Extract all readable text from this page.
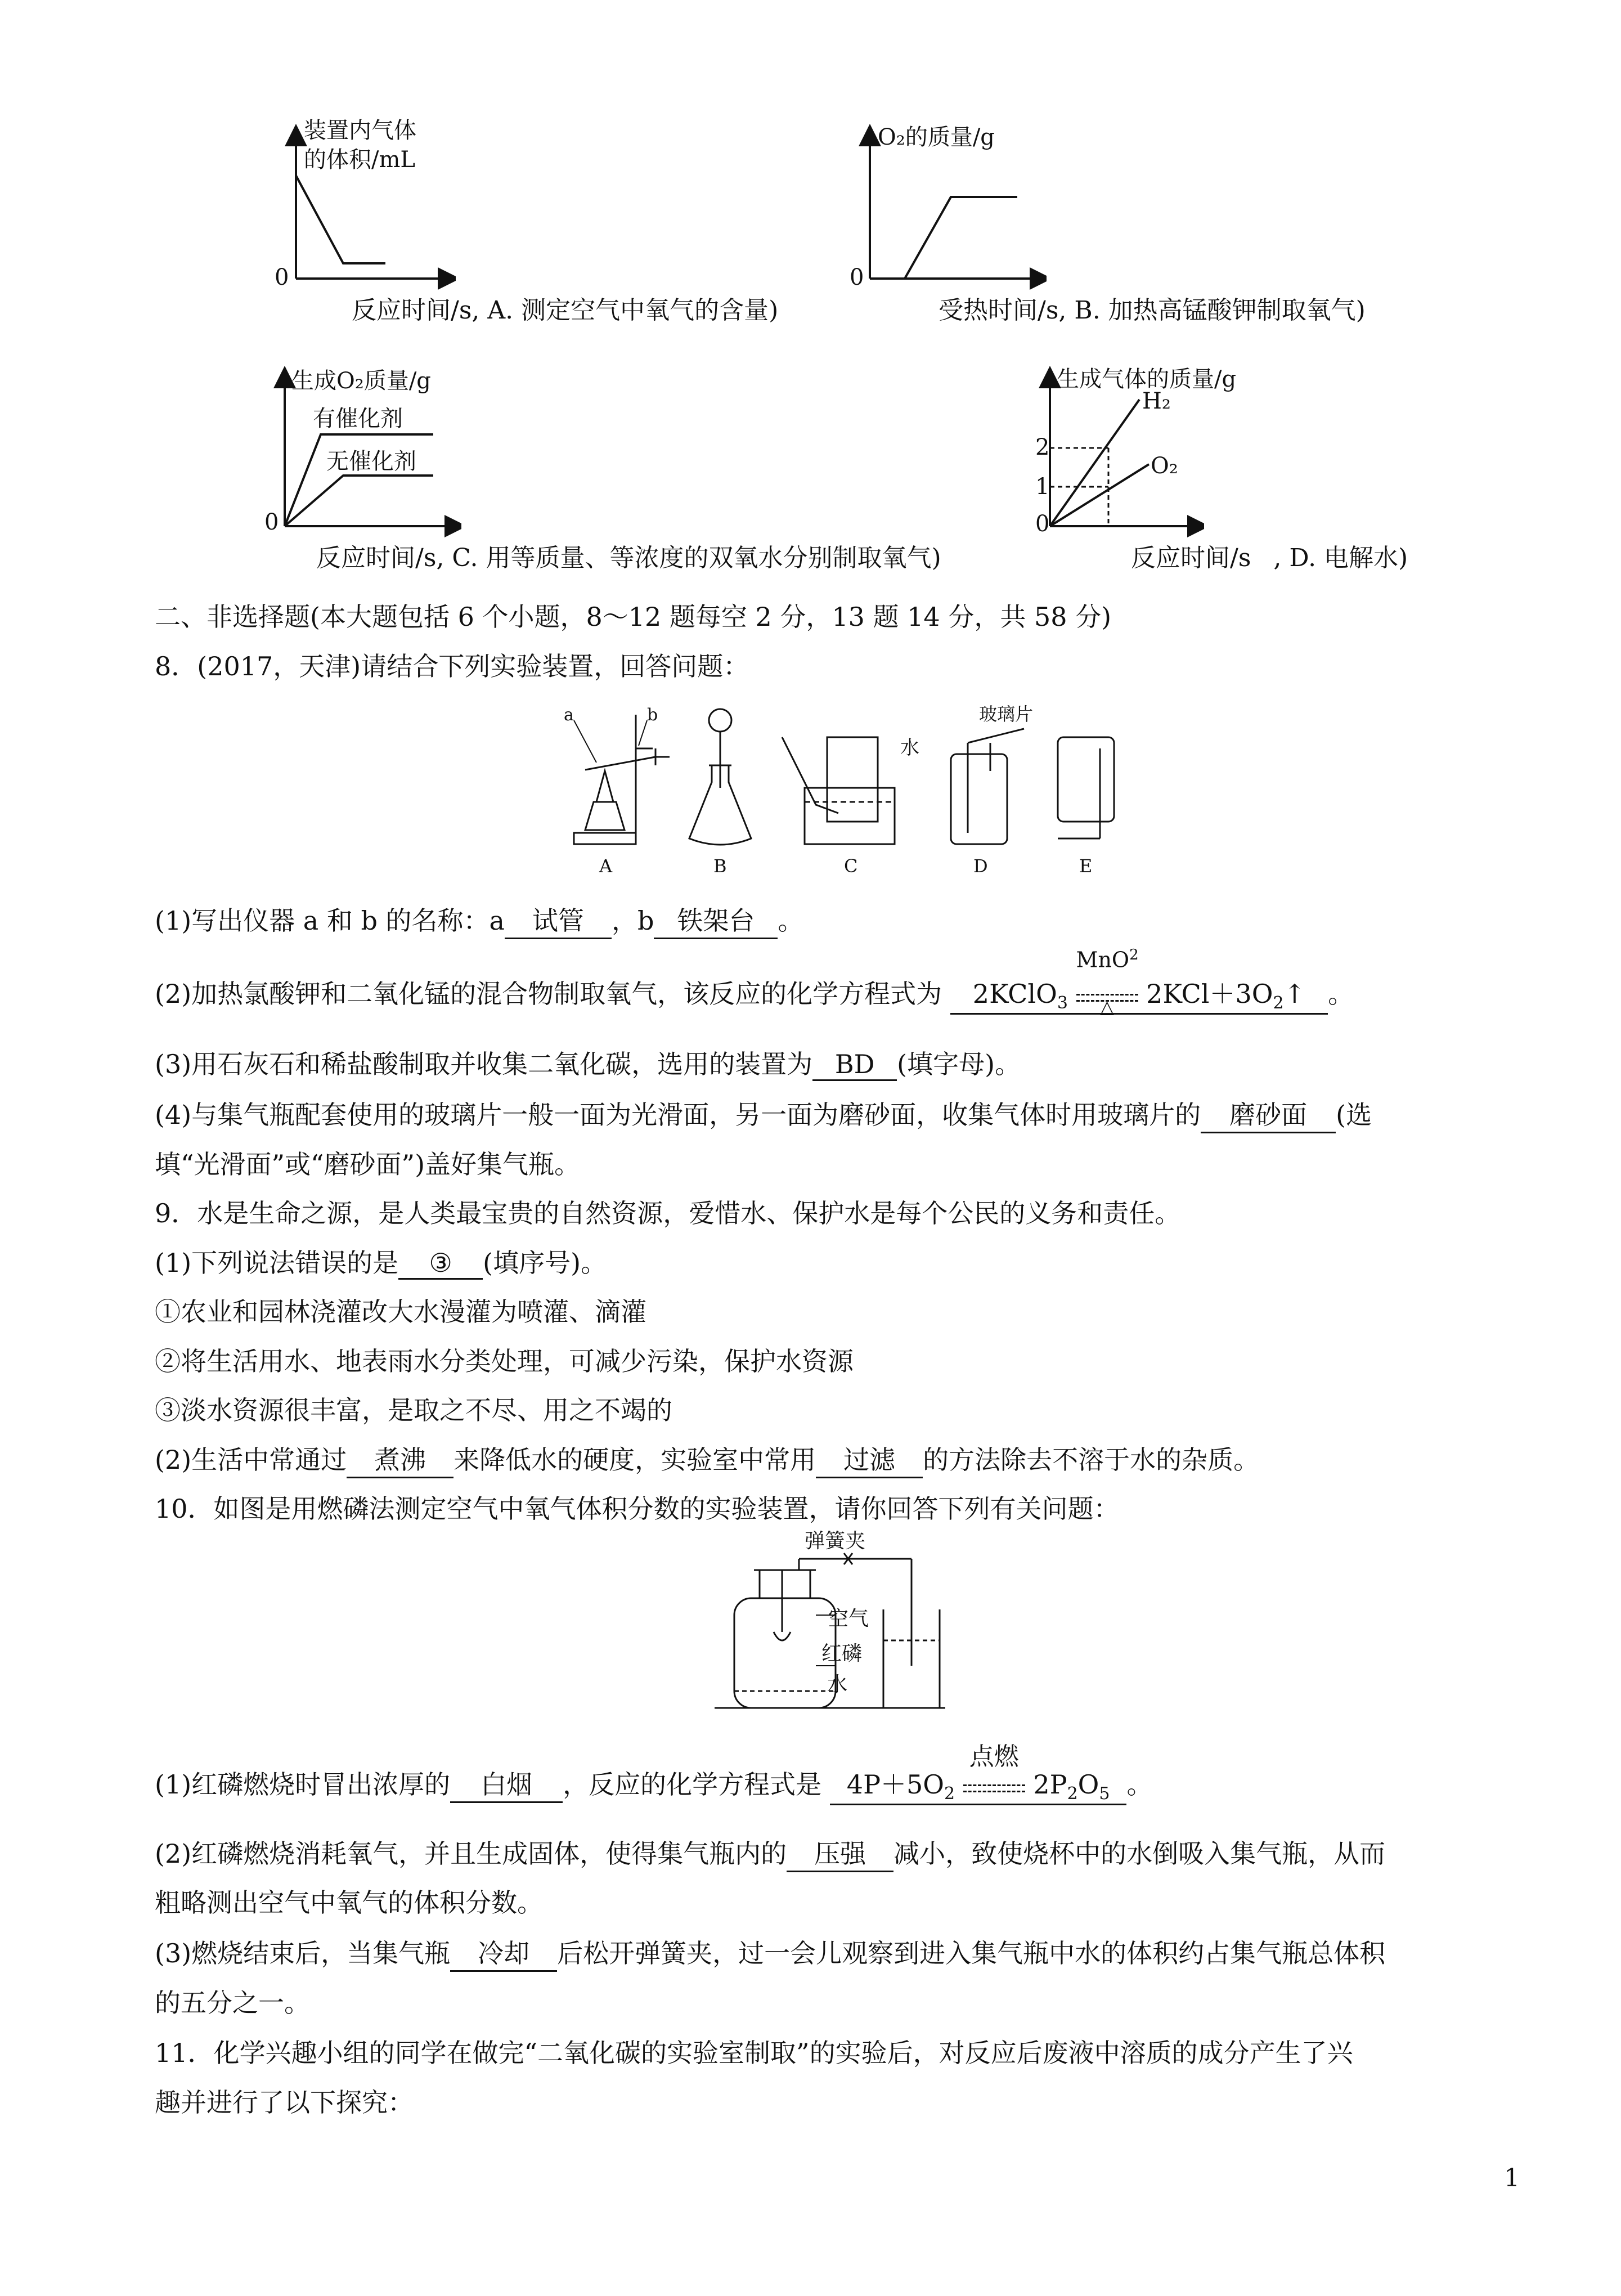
装置内气体
的体积/mL
0
反应时间/s, A. 测定空气中氧气的含量)
O₂的质量/g
0
受热时间/s, B. 加热高锰酸钾制取氧气)
生成O₂质量/g
有催化剂
无催化剂
0
反应时间/s, C. 用等质量、等浓度的双氧水分别制取氧气)
生成气体的质量/g
H₂
O₂
2
1
0
反应时间/s , D. 电解水)
二、非选择题(本大题包括 6 个小题，8～12 题每空 2 分，13 题 14 分，共 58 分)
8．(2017，天津)请结合下列实验装置，回答问题：
a	b
A	B
水
C
玻璃片
D	E
(1)写出仪器 a 和 b 的名称：a 试管 ，b 铁架台 。
(2)加热氯酸钾和二氧化锰的混合物制取氧气，该反应的化学方程式为 2KClO$_3$
MnO$^2$
△	$2KCl+3O_2↑$ 。
(3)用石灰石和稀盐酸制取并收集二氧化碳，选用的装置为 BD (填字母)。
(4)与集气瓶配套使用的玻璃片一般一面为光滑面，另一面为磨砂面，收集气体时用玻璃片的 磨砂面 (选
填“光滑面”或“磨砂面”)盖好集气瓶。
9．水是生命之源，是人类最宝贵的自然资源，爱惜水、保护水是每个公民的义务和责任。
(1)下列说法错误的是 ③ (填序号)。
①农业和园林浇灌改大水漫灌为喷灌、滴灌
②将生活用水、地表雨水分类处理，可减少污染，保护水资源
③淡水资源很丰富，是取之不尽、用之不竭的
(2)生活中常通过 煮沸 来降低水的硬度，实验室中常用 过滤 的方法除去不溶于水的杂质。
10．如图是用燃磷法测定空气中氧气体积分数的实验装置，请你回答下列有关问题：
弹簧夹
空气
红磷
水
(1)红磷燃烧时冒出浓厚的 白烟 ，反应的化学方程式是 $4P+5O_2$
点燃
$2P_2O_5$ 。
(2)红磷燃烧消耗氧气，并且生成固体，使得集气瓶内的 压强 减小，致使烧杯中的水倒吸入集气瓶，从而
粗略测出空气中氧气的体积分数。
(3)燃烧结束后，当集气瓶 冷却 后松开弹簧夹，过一会儿观察到进入集气瓶中水的体积约占集气瓶总体积
的五分之一。
11．化学兴趣小组的同学在做完“二氧化碳的实验室制取”的实验后，对反应后废液中溶质的成分产生了兴
趣并进行了以下探究：
1
